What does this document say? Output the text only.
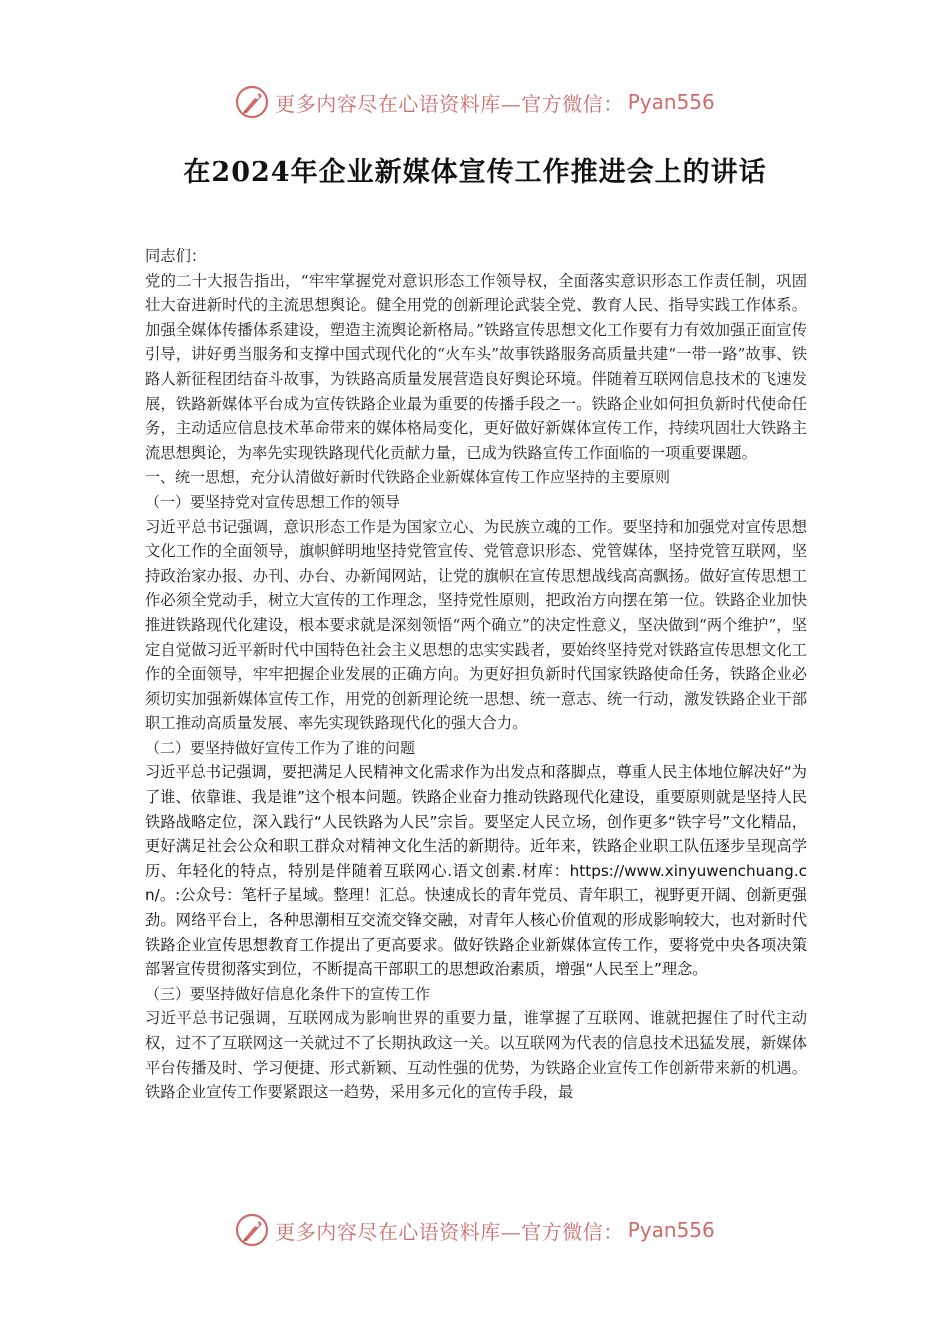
更多内容尽在心语资料库—官方微信： Pyan556
在2024年企业新媒体宣传工作推进会上的讲话

同志们：

党的二十大报告指出，“牢牢掌握党对意识形态工作领导权，全面落实意识形态工作责任制，巩固壮大奋进新时代的主流思想舆论。健全用党的创新理论武装全党、教育人民、指导实践工作体系。加强全媒体传播体系建设，塑造主流舆论新格局。”铁路宣传思想文化工作要有力有效加强正面宣传引导，讲好勇当服务和支撑中国式现代化的“火车头”故事铁路服务高质量共建“一带一路”故事、铁路人新征程团结奋斗故事，为铁路高质量发展营造良好舆论环境。伴随着互联网信息技术的飞速发展，铁路新媒体平台成为宣传铁路企业最为重要的传播手段之一。铁路企业如何担负新时代使命任务，主动适应信息技术革命带来的媒体格局变化，更好做好新媒体宣传工作，持续巩固壮大铁路主流思想舆论，为率先实现铁路现代化贡献力量，已成为铁路宣传工作面临的一项重要课题。

一、统一思想，充分认清做好新时代铁路企业新媒体宣传工作应坚持的主要原则

（一）要坚持党对宣传思想工作的领导

习近平总书记强调，意识形态工作是为国家立心、为民族立魂的工作。要坚持和加强党对宣传思想文化工作的全面领导，旗帜鲜明地坚持党管宣传、党管意识形态、党管媒体，坚持党管互联网，坚持政治家办报、办刊、办台、办新闻网站，让党的旗帜在宣传思想战线高高飘扬。做好宣传思想工作必须全党动手，树立大宣传的工作理念，坚持党性原则，把政治方向摆在第一位。铁路企业加快推进铁路现代化建设，根本要求就是深刻领悟“两个确立”的决定性意义，坚决做到“两个维护”，坚定自觉做习近平新时代中国特色社会主义思想的忠实实践者，要始终坚持党对铁路宣传思想文化工作的全面领导，牢牢把握企业发展的正确方向。为更好担负新时代国家铁路使命任务，铁路企业必须切实加强新媒体宣传工作，用党的创新理论统一思想、统一意志、统一行动，激发铁路企业干部职工推动高质量发展、率先实现铁路现代化的强大合力。

（二）要坚持做好宣传工作为了谁的问题

习近平总书记强调，要把满足人民精神文化需求作为出发点和落脚点，尊重人民主体地位解决好“为了谁、依靠谁、我是谁”这个根本问题。铁路企业奋力推动铁路现代化建设，重要原则就是坚持人民铁路战略定位，深入践行“人民铁路为人民”宗旨。要坚定人民立场，创作更多“铁字号”文化精品，更好满足社会公众和职工群众对精神文化生活的新期待。近年来，铁路企业职工队伍逐步呈现高学历、年轻化的特点，特别是伴随着互联网心.语文创素.材库：https://www.xinyuwenchuang.cn/。:公众号：笔杆子星域。整理！汇总。快速成长的青年党员、青年职工，视野更开阔、创新更强劲。网络平台上，各种思潮相互交流交锋交融，对青年人核心价值观的形成影响较大，也对新时代铁路企业宣传思想教育工作提出了更高要求。做好铁路企业新媒体宣传工作，要将党中央各项决策部署宣传贯彻落实到位，不断提高干部职工的思想政治素质，增强“人民至上”理念。

（三）要坚持做好信息化条件下的宣传工作

习近平总书记强调，互联网成为影响世界的重要力量，谁掌握了互联网、谁就把握住了时代主动权，过不了互联网这一关就过不了长期执政这一关。以互联网为代表的信息技术迅猛发展，新媒体平台传播及时、学习便捷、形式新颖、互动性强的优势，为铁路企业宣传工作创新带来新的机遇。铁路企业宣传工作要紧跟这一趋势，采用多元化的宣传手段，最

更多内容尽在心语资料库—官方微信： Pyan556
